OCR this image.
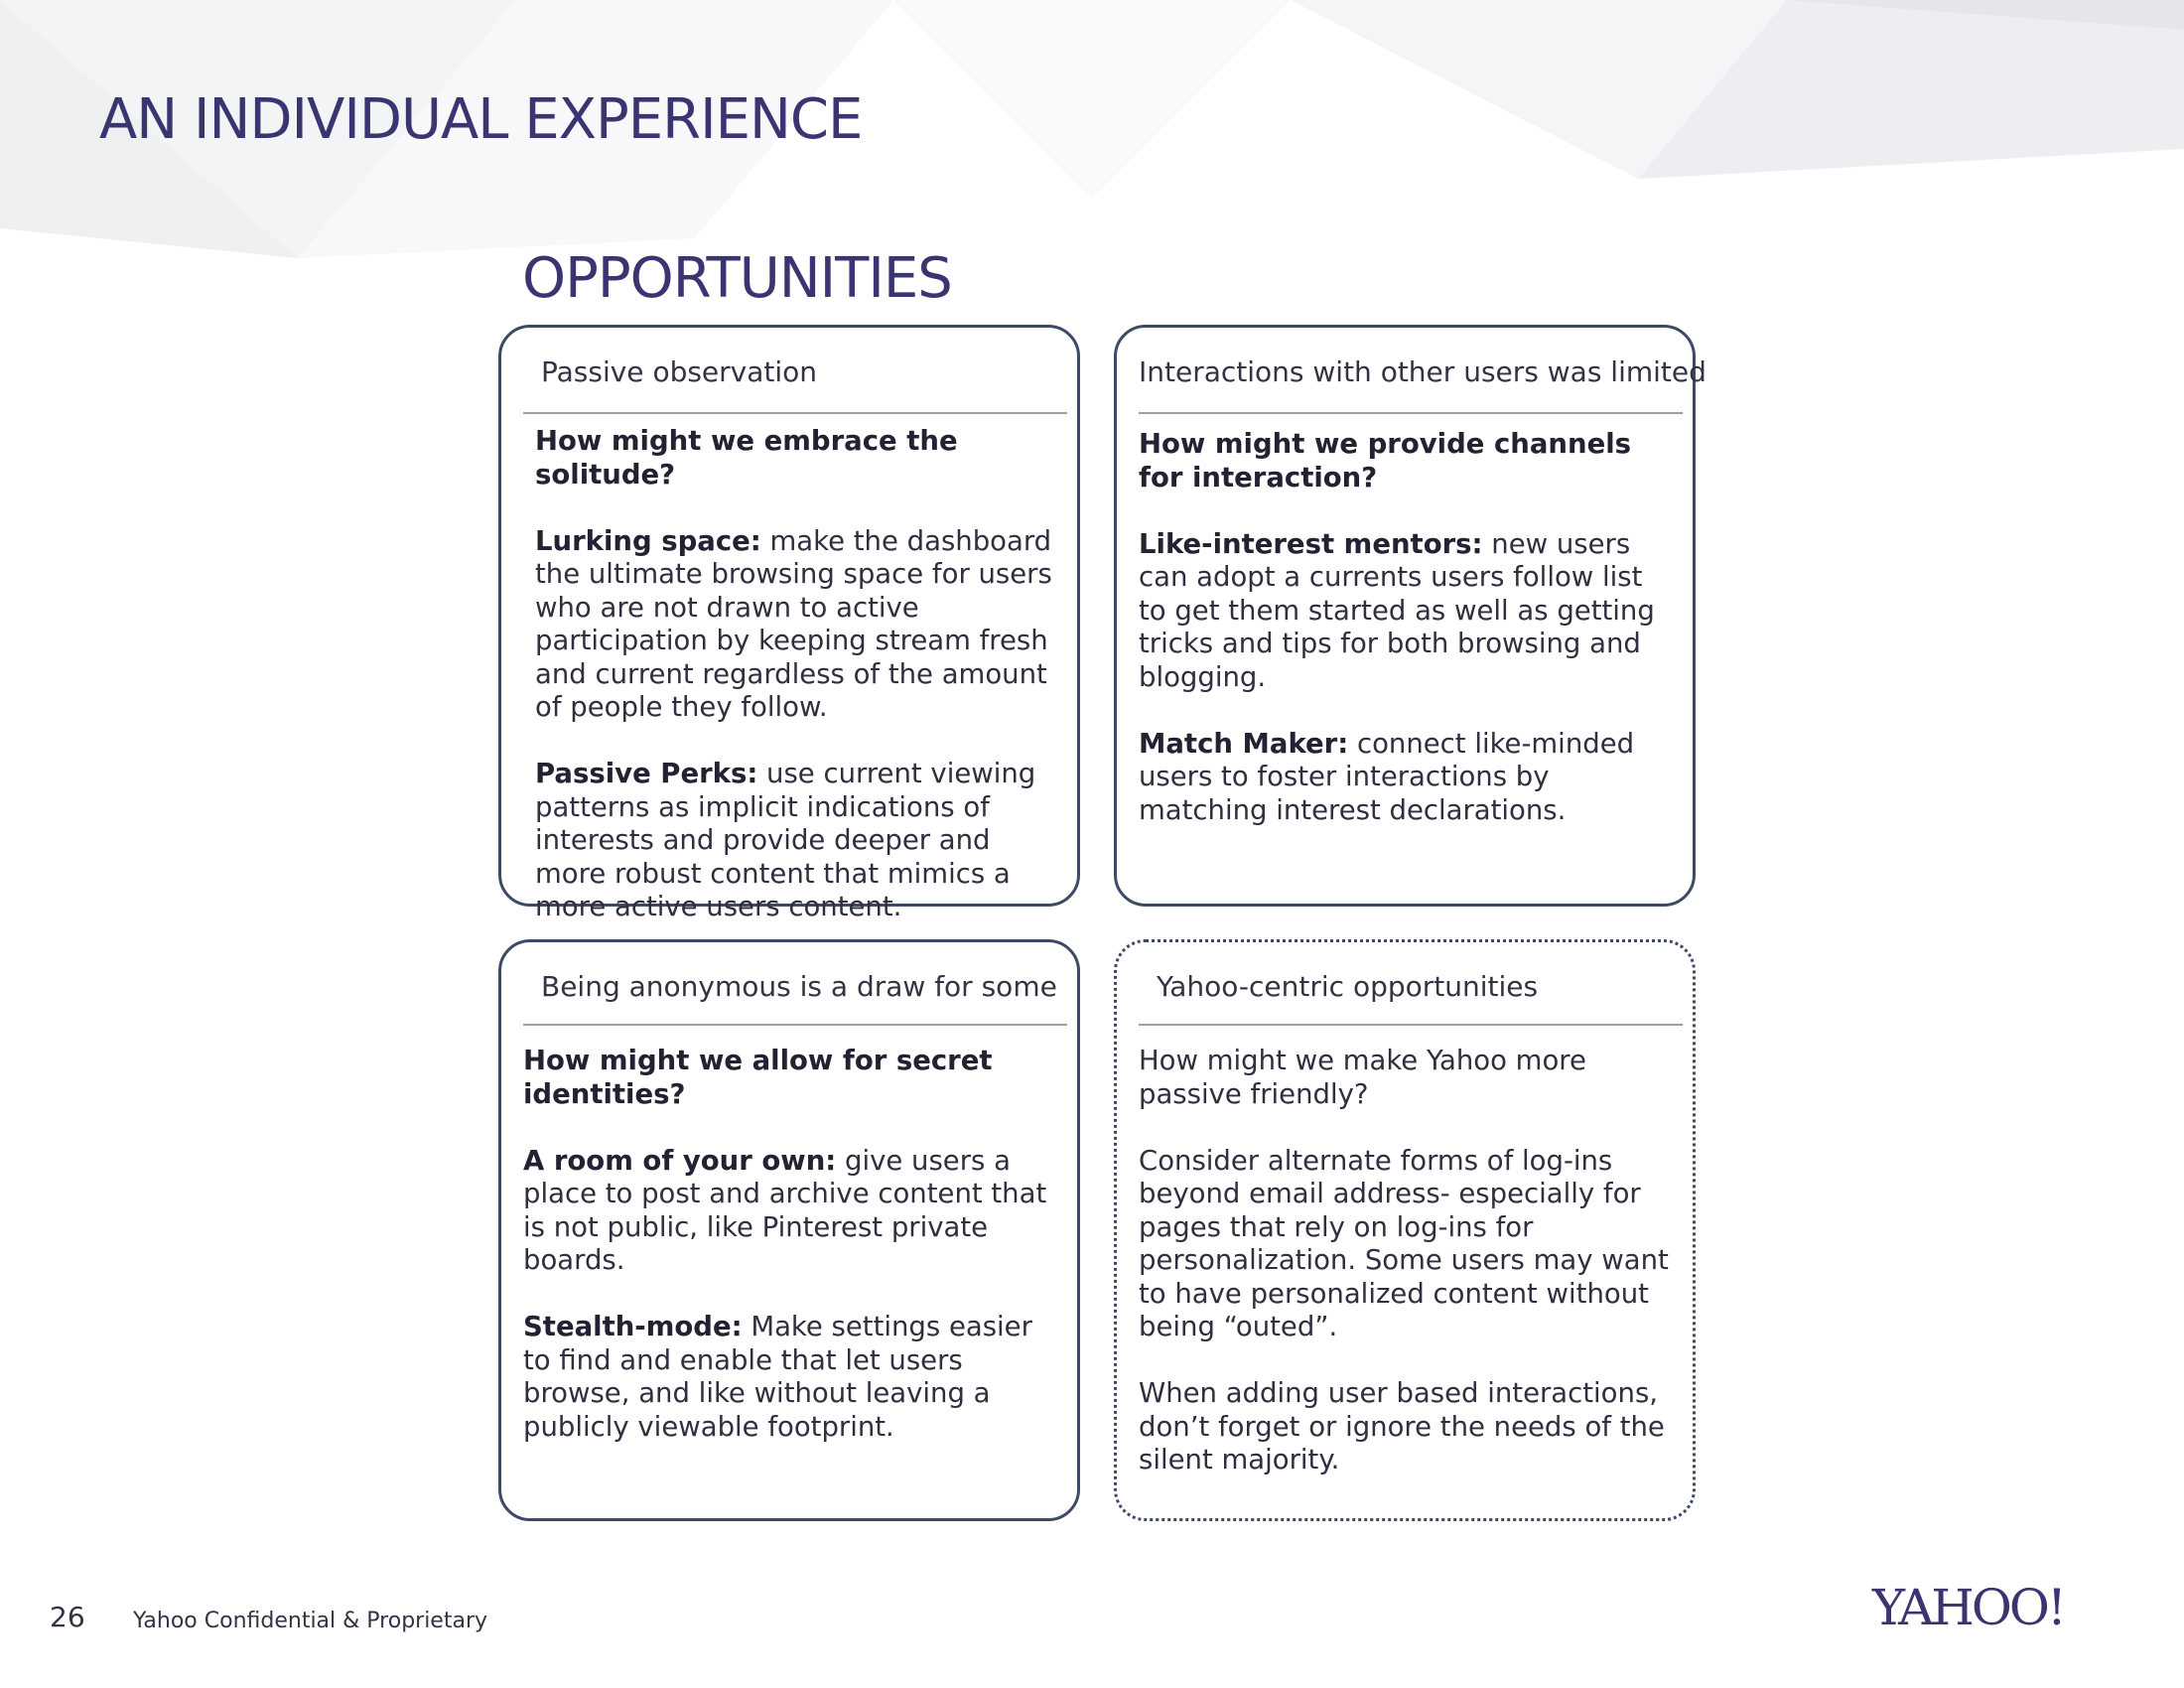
AN INDIVIDUAL EXPERIENCE
OPPORTUNITIES
Passive observation

How might we embrace the solitude?

Lurking space: make the dashboard the ultimate browsing space for users who are not drawn to active participation by keeping stream fresh and current regardless of the amount of people they follow.

Passive Perks: use current viewing patterns as implicit indications of interests and provide deeper and more robust content that mimics a more active users content.

Interactions with other users was limited

How might we provide channels for interaction?

Like-interest mentors: new users can adopt a currents users follow list to get them started as well as getting tricks and tips for both browsing and blogging.

Match Maker: connect like-minded users to foster interactions by matching interest declarations.

Being anonymous is a draw for some

How might we allow for secret identities?

A room of your own: give users a place to post and archive content that is not public, like Pinterest private boards.

Stealth-mode: Make settings easier to find and enable that let users browse, and like without leaving a publicly viewable footprint.

Yahoo-centric opportunities

How might we make Yahoo more passive friendly?

Consider alternate forms of log-ins beyond email address- especially for pages that rely on log-ins for personalization. Some users may want to have personalized content without being “outed”.

When adding user based interactions, don’t forget or ignore the needs of the silent majority.

26 Yahoo Confidential & Proprietary	YAHOO!
